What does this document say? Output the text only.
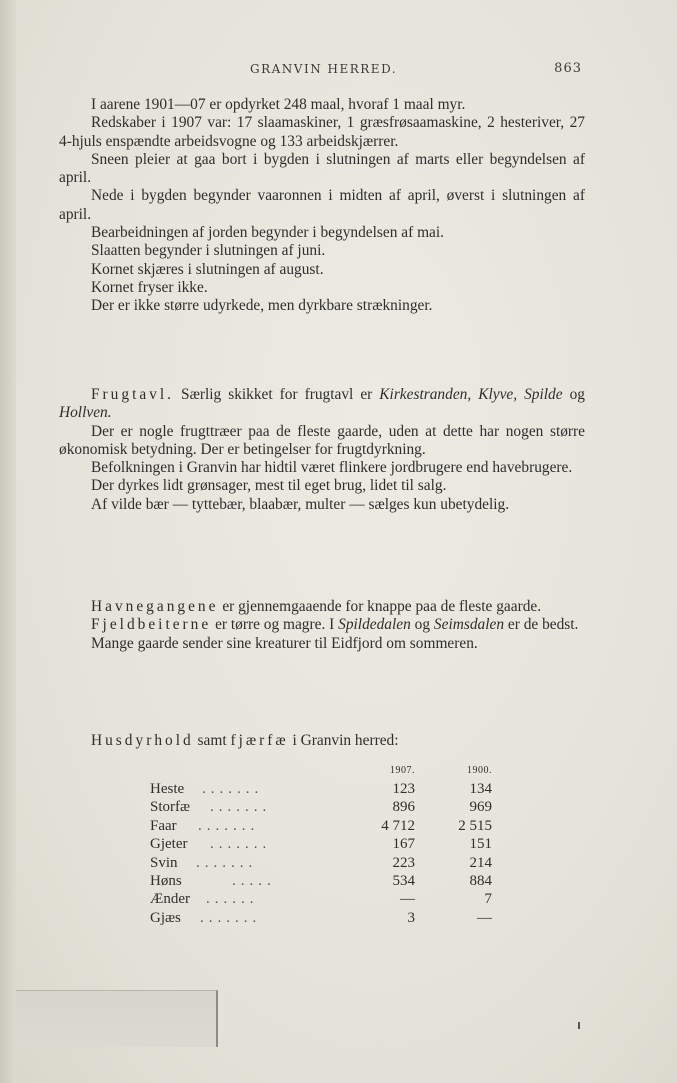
GRANVIN HERRED.	863

I aarene 1901—07 er opdyrket 248 maal, hvoraf 1 maal myr.

Redskaber i 1907 var: 17 slaamaskiner, 1 græsfrøsaamaskine, 2 hesteriver, 27 4-hjuls enspændte arbeidsvogne og 133 arbeidskjærrer.

Sneen pleier at gaa bort i bygden i slutningen af marts eller begyndelsen af april.

Nede i bygden begynder vaaronnen i midten af april, øverst i slutningen af april.

Bearbeidningen af jorden begynder i begyndelsen af mai.

Slaatten begynder i slutningen af juni.

Kornet skjæres i slutningen af august.

Kornet fryser ikke.

Der er ikke større udyrkede, men dyrkbare strækninger.

Frugtavl. Særlig skikket for frugtavl er Kirkestranden, Klyve, Spilde og Hollven.

Der er nogle frugttræer paa de fleste gaarde, uden at dette har nogen større økonomisk betydning. Der er betingelser for frugtdyrkning.

Befolkningen i Granvin har hidtil været flinkere jordbrugere end havebrugere.

Der dyrkes lidt grønsager, mest til eget brug, lidet til salg.

Af vilde bær — tyttebær, blaabær, multer — sælges kun ubetydelig.

Havnegangene er gjennemgaaende for knappe paa de fleste gaarde.

Fjeldbeiterne er tørre og magre. I Spildedalen og Seimsdalen er de bedst.

Mange gaarde sender sine kreaturer til Eidfjord om sommeren.

Husdyrhold samt fjærfæ i Granvin herred:
1907.	1900.
Heste .......	123	134
Storfæ .......	896	969
Faar .......	4 712	2 515
Gjeter .......	167	151
Svin .......	223	214
Høns	.....	534	884
Ænder ......	—	7
Gjæs .......	3	—
